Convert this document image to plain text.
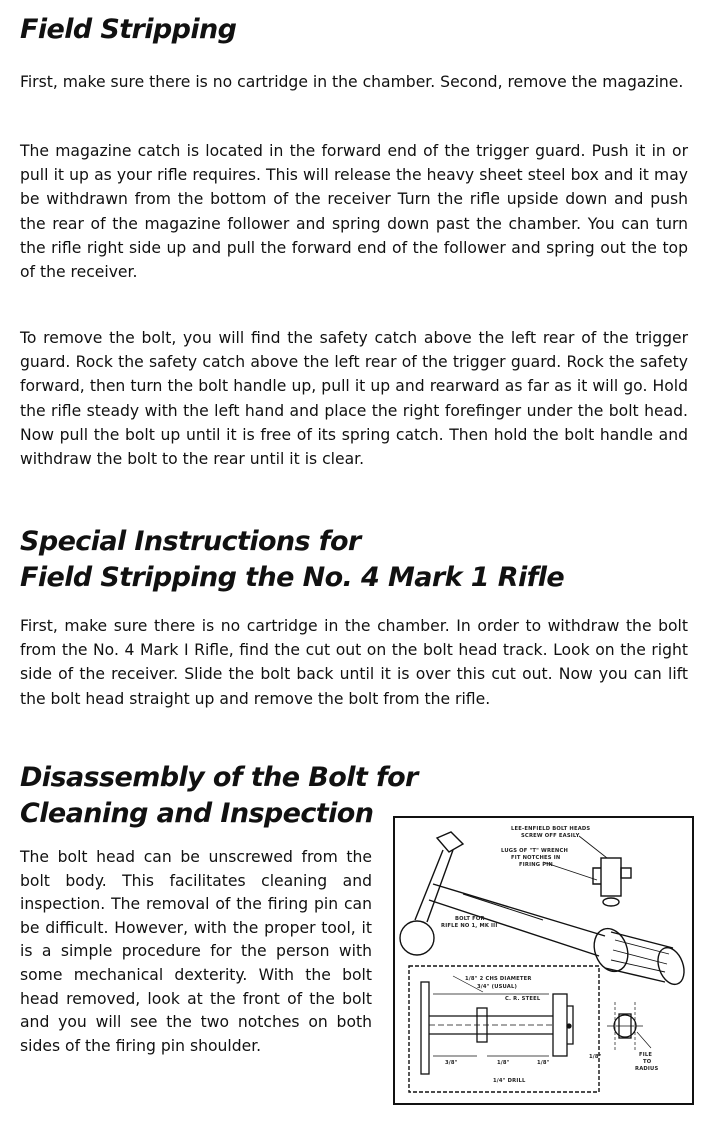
Field Stripping

First, make sure there is no cartridge in the chamber. Second, remove the magazine.

The magazine catch is located in the forward end of the trigger guard. Push it in or pull it up as your rifle requires. This will release the heavy sheet steel box and it may be withdrawn from the bottom of the receiver Turn the rifle upside down and push the rear of the magazine follower and spring down past the chamber. You can turn the rifle right side up and pull the forward end of the follower and spring out the top of the receiver.

To remove the bolt, you will find the safety catch above the left rear of the trigger guard. Rock the safety catch above the left rear of the trigger guard. Rock the safety forward, then turn the bolt handle up, pull it up and rearward as far as it will go. Hold the rifle steady with the left hand and place the right forefinger under the bolt head. Now pull the bolt up until it is free of its spring catch. Then hold the bolt handle and withdraw the bolt to the rear until it is clear.

Special Instructions for
Field Stripping the No. 4 Mark 1 Rifle

First, make sure there is no cartridge in the chamber. In order to withdraw the bolt from the No. 4 Mark I Rifle, find the cut out on the bolt head track. Look on the right side of the receiver. Slide the bolt back until it is over this cut out. Now you can lift the bolt head straight up and remove the bolt from the rifle.

Disassembly of the Bolt for
Cleaning and Inspection

The bolt head can be unscrewed from the bolt body. This facilitates cleaning and inspection. The removal of the firing pin can be difficult. However, with the proper tool, it is a simple procedure for the person with some mechanical dexterity. With the bolt head removed, look at the front of the bolt and you will see the two notches on both sides of the firing pin shoulder.

LEE-ENFIELD BOLT HEADS
SCREW OFF EASILY
LUGS OF "T" WRENCH
FIT NOTCHES IN
FIRING PIN
BOLT FOR
RIFLE NO 1, MK III
1/8" 2 CHS DIAMETER
3/4" (USUAL)
C. R. STEEL
3/8"	1/8"	1/8"
1/4" DRILL
1/8"	FILE
TO
RADIUS
